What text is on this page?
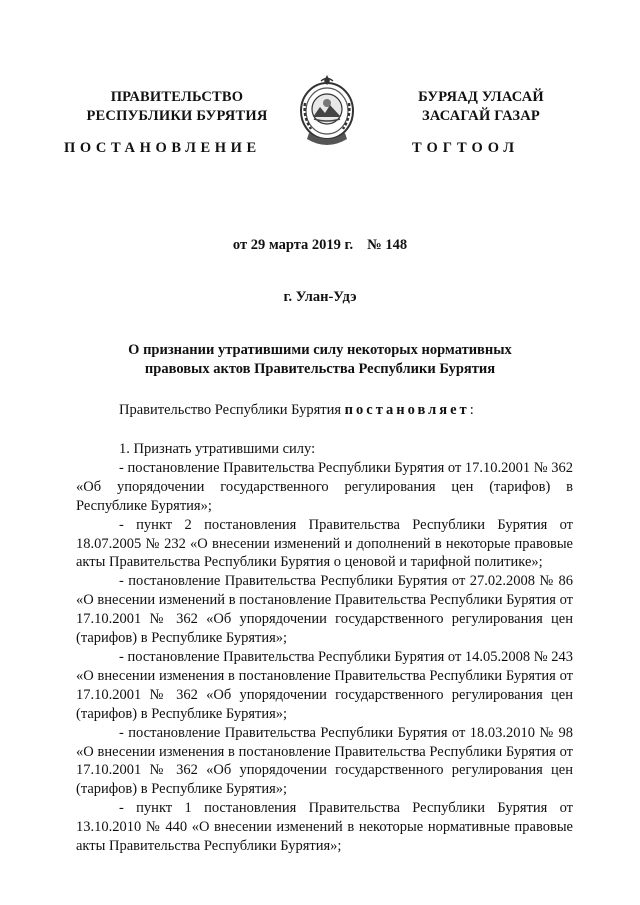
ПРАВИТЕЛЬСТВО
РЕСПУБЛИКИ БУРЯТИЯ
БУРЯАД УЛАСАЙ
ЗАСАГАЙ ГАЗАР
ПОСТАНОВЛЕНИЕ	ТОГТООЛ
от 29 марта 2019 г. № 148
г. Улан-Удэ
О признании утратившими силу некоторых нормативных
правовых актов Правительства Республики Бурятия
Правительство Республики Бурятия постановляет:
1. Признать утратившими силу:
- постановление Правительства Республики Бурятия от 17.10.2001 № 362 «Об упорядочении государственного регулирования цен (тарифов) в Республике Бурятия»;
- пункт 2 постановления Правительства Республики Бурятия от 18.07.2005 № 232 «О внесении изменений и дополнений в некоторые правовые акты Правительства Республики Бурятия о ценовой и тарифной политике»;
- постановление Правительства Республики Бурятия от 27.02.2008 № 86 «О внесении изменений в постановление Правительства Республики Бурятия от 17.10.2001 № 362 «Об упорядочении государственного регулирования цен (тарифов) в Республике Бурятия»;
- постановление Правительства Республики Бурятия от 14.05.2008 № 243 «О внесении изменения в постановление Правительства Республики Бурятия от 17.10.2001 № 362 «Об упорядочении государственного регулирования цен (тарифов) в Республике Бурятия»;
- постановление Правительства Республики Бурятия от 18.03.2010 № 98 «О внесении изменения в постановление Правительства Республики Бурятия от 17.10.2001 № 362 «Об упорядочении государственного регулирования цен (тарифов) в Республике Бурятия»;
- пункт 1 постановления Правительства Республики Бурятия от 13.10.2010 № 440 «О внесении изменений в некоторые нормативные правовые акты Правительства Республики Бурятия»;
